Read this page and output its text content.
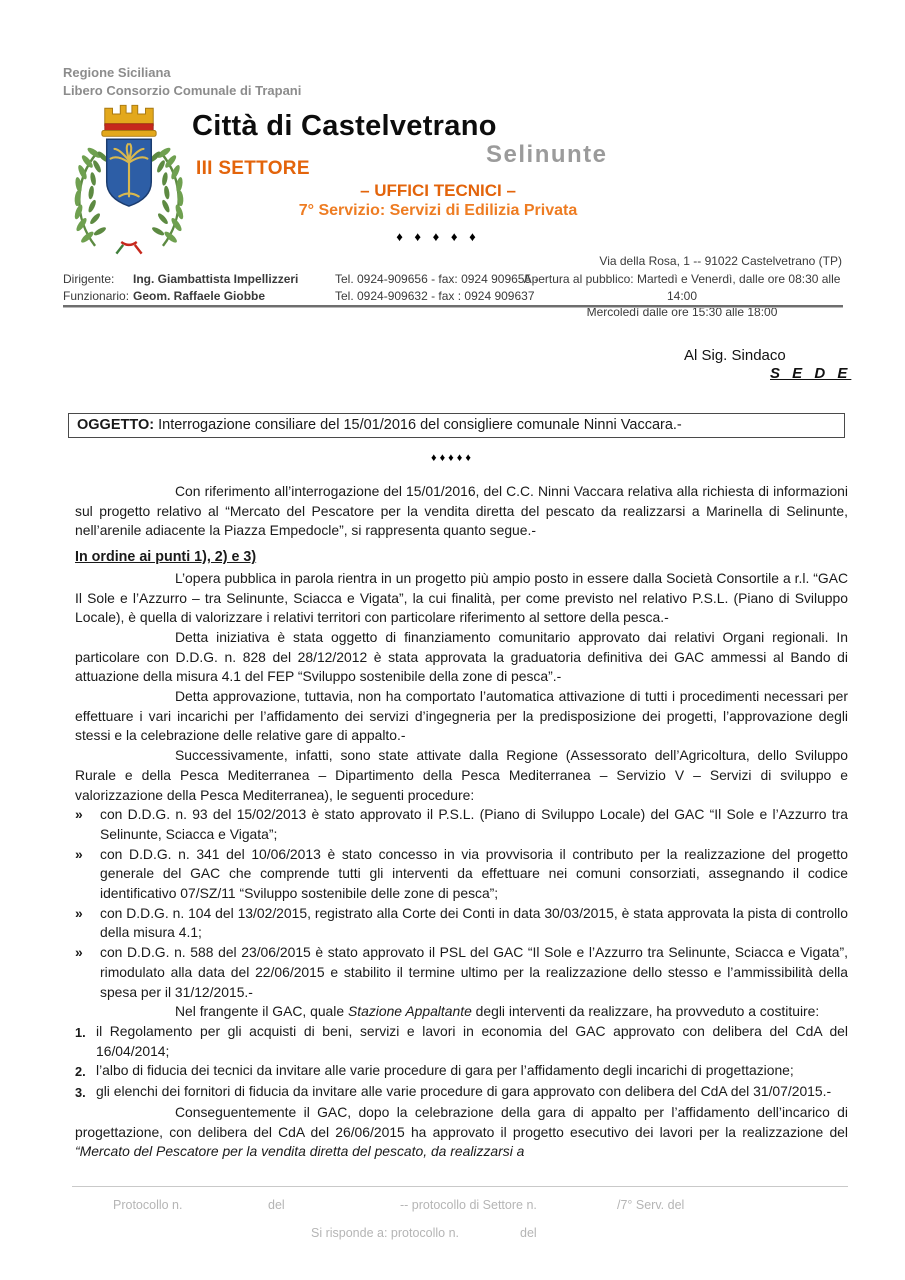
Regione Siciliana
Libero Consorzio Comunale di Trapani
Città di Castelvetrano
Selinunte
III SETTORE
– UFFICI TECNICI –
7° Servizio: Servizi di Edilizia Privata
♦ ♦ ♦ ♦ ♦
Via della Rosa, 1 -- 91022 Castelvetrano (TP)
Dirigente: Ing. Giambattista Impellizzeri	Tel. 0924-909656 - fax: 0924 909655 -
Funzionario: Geom. Raffaele Giobbe	Tel. 0924-909632 - fax : 0924 909637
Apertura al pubblico: Martedì e Venerdì, dalle ore 08:30 alle 14:00
Mercoledì dalle ore 15:30 alle 18:00
Al Sig. Sindaco
S E D E
OGGETTO: Interrogazione consiliare del 15/01/2016 del consigliere comunale Ninni Vaccara.-
♦♦♦♦♦

Con riferimento all’interrogazione del 15/01/2016, del C.C. Ninni Vaccara relativa alla richiesta di informazioni sul progetto relativo al “Mercato del Pescatore per la vendita diretta del pescato da realizzarsi a Marinella di Selinunte, nell’arenile adiacente la Piazza Empedocle”, si rappresenta quanto segue.-

In ordine ai punti 1), 2) e 3)

L’opera pubblica in parola rientra in un progetto più ampio posto in essere dalla Società Consortile a r.l. “GAC Il Sole e l’Azzurro – tra Selinunte, Sciacca e Vigata”, la cui finalità, per come previsto nel relativo P.S.L. (Piano di Sviluppo Locale), è quella di valorizzare i relativi territori con particolare riferimento al settore della pesca.-

Detta iniziativa è stata oggetto di finanziamento comunitario approvato dai relativi Organi regionali. In particolare con D.D.G. n. 828 del 28/12/2012 è stata approvata la graduatoria definitiva dei GAC ammessi al Bando di attuazione della misura 4.1 del FEP “Sviluppo sostenibile della zone di pesca”.-

Detta approvazione, tuttavia, non ha comportato l’automatica attivazione di tutti i procedimenti necessari per effettuare i vari incarichi per l’affidamento dei servizi d’ingegneria per la predisposizione dei progetti, l’approvazione degli stessi e la celebrazione delle relative gare di appalto.-

Successivamente, infatti, sono state attivate dalla Regione (Assessorato dell’Agricoltura, dello Sviluppo Rurale e della Pesca Mediterranea – Dipartimento della Pesca Mediterranea – Servizio V – Servizi di sviluppo e valorizzazione della Pesca Mediterranea), le seguenti procedure:

»	con D.D.G. n. 93 del 15/02/2013 è stato approvato il P.S.L. (Piano di Sviluppo Locale) del GAC “Il Sole e l’Azzurro tra Selinunte, Sciacca e Vigata”;
»	con D.D.G. n. 341 del 10/06/2013 è stato concesso in via provvisoria il contributo per la realizzazione del progetto generale del GAC che comprende tutti gli interventi da effettuare nei comuni consorziati, assegnando il codice identificativo 07/SZ/11 “Sviluppo sostenibile delle zone di pesca”;
»	con D.D.G. n. 104 del 13/02/2015, registrato alla Corte dei Conti in data 30/03/2015, è stata approvata la pista di controllo della misura 4.1;
»	con D.D.G. n. 588 del 23/06/2015 è stato approvato il PSL del GAC “Il Sole e l’Azzurro tra Selinunte, Sciacca e Vigata”, rimodulato alla data del 22/06/2015 e stabilito il termine ultimo per la realizzazione dello stesso e l’ammissibilità della spesa per il 31/12/2015.-

Nel frangente il GAC, quale Stazione Appaltante degli interventi da realizzare, ha provveduto a costituire:

1. il Regolamento per gli acquisti di beni, servizi e lavori in economia del GAC approvato con delibera del CdA del 16/04/2014;
2. l’albo di fiducia dei tecnici da invitare alle varie procedure di gara per l’affidamento degli incarichi di progettazione;
3. gli elenchi dei fornitori di fiducia da invitare alle varie procedure di gara approvato con delibera del CdA del 31/07/2015.-

Conseguentemente il GAC, dopo la celebrazione della gara di appalto per l’affidamento dell’incarico di progettazione, con delibera del CdA del 26/06/2015 ha approvato il progetto esecutivo dei lavori per la realizzazione del “Mercato del Pescatore per la vendita diretta del pescato, da realizzarsi a

Protocollo n.	del	-- protocollo di Settore n.	/7° Serv. del
Si risponde a: protocollo n.	del
